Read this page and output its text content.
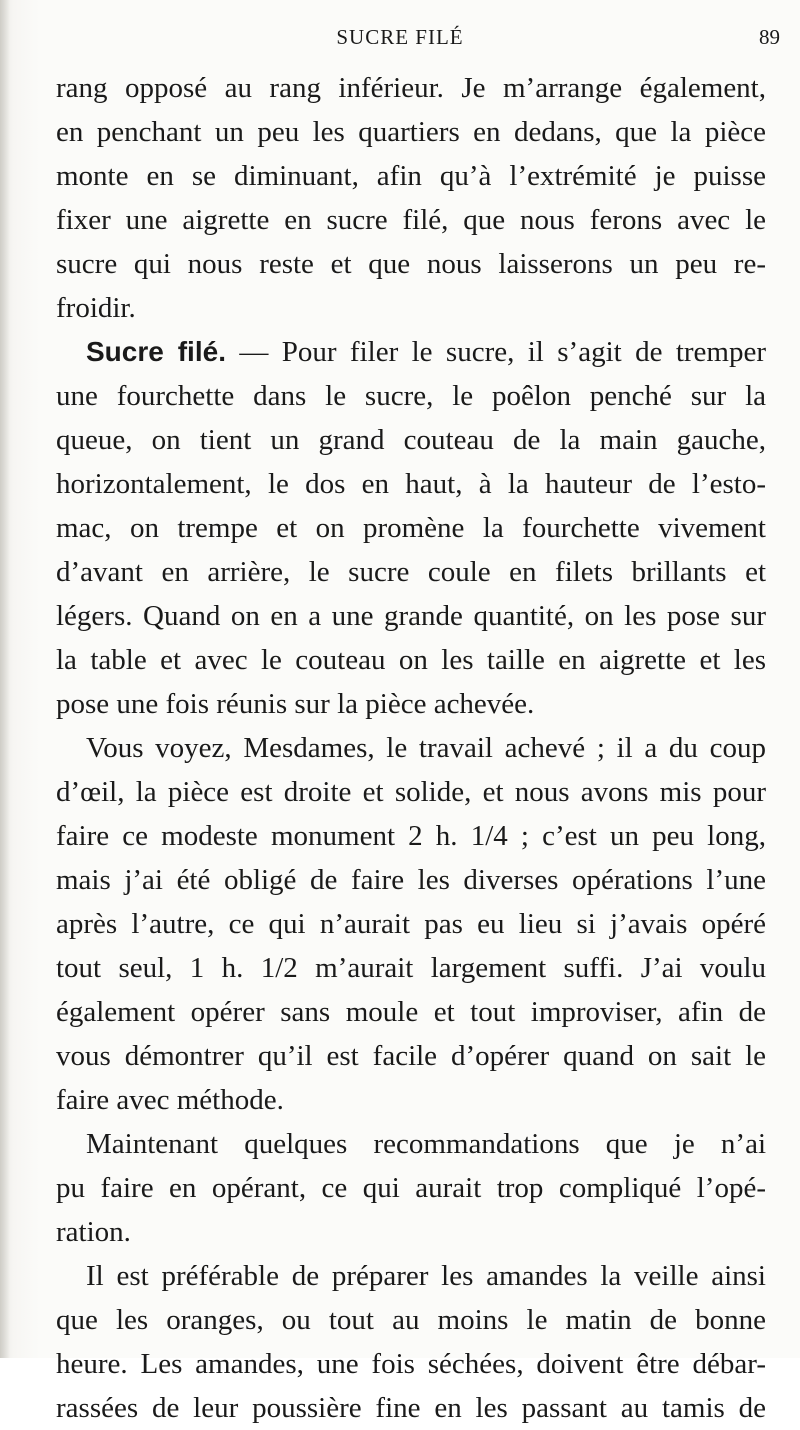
SUCRE FILÉ	89
rang opposé au rang inférieur. Je m’arrange également,
en penchant un peu les quartiers en dedans, que la pièce
monte en se diminuant, afin qu’à l’extrémité je puisse
fixer une aigrette en sucre filé, que nous ferons avec le
sucre qui nous reste et que nous laisserons un peu re-
froidir.
Sucre filé. — Pour filer le sucre, il s’agit de tremper
une fourchette dans le sucre, le poêlon penché sur la
queue, on tient un grand couteau de la main gauche,
horizontalement, le dos en haut, à la hauteur de l’esto-
mac, on trempe et on promène la fourchette vivement
d’avant en arrière, le sucre coule en filets brillants et
légers. Quand on en a une grande quantité, on les pose sur
la table et avec le couteau on les taille en aigrette et les
pose une fois réunis sur la pièce achevée.
Vous voyez, Mesdames, le travail achevé ; il a du coup
d’œil, la pièce est droite et solide, et nous avons mis pour
faire ce modeste monument 2 h. 1/4 ; c’est un peu long,
mais j’ai été obligé de faire les diverses opérations l’une
après l’autre, ce qui n’aurait pas eu lieu si j’avais opéré
tout seul, 1 h. 1/2 m’aurait largement suffi. J’ai voulu
également opérer sans moule et tout improviser, afin de
vous démontrer qu’il est facile d’opérer quand on sait le
faire avec méthode.
Maintenant quelques recommandations que je n’ai
pu faire en opérant, ce qui aurait trop compliqué l’opé-
ration.
Il est préférable de préparer les amandes la veille ainsi
que les oranges, ou tout au moins le matin de bonne
heure. Les amandes, une fois séchées, doivent être débar-
rassées de leur poussière fine en les passant au tamis de
